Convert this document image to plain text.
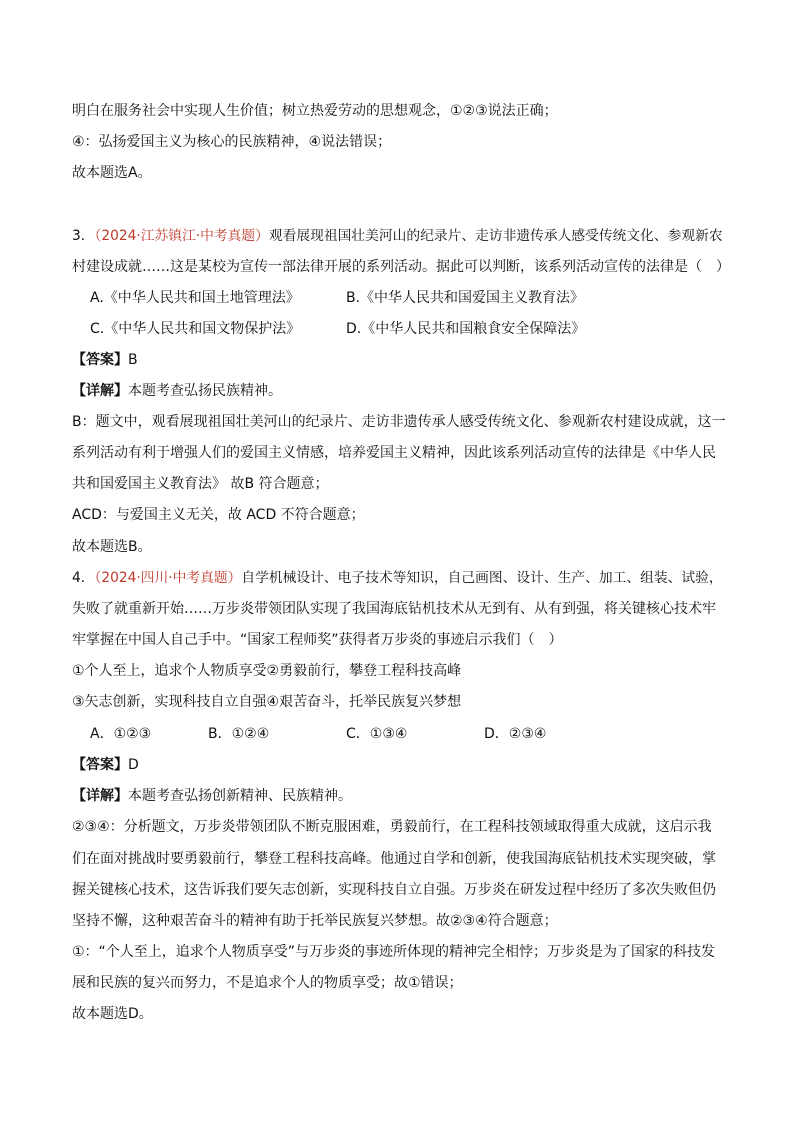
明白在服务社会中实现人生价值；树立热爱劳动的思想观念，①②③说法正确；
④：弘扬爱国主义为核心的民族精神，④说法错误；
故本题选A。
3．（2024·江苏镇江·中考真题）观看展现祖国壮美河山的纪录片、走访非遗传承人感受传统文化、参观新农
村建设成就……这是某校为宣传一部法律开展的系列活动。据此可以判断，该系列活动宣传的法律是（　）
A.《中华人民共和国土地管理法》	B.《中华人民共和国爱国主义教育法》
C.《中华人民共和国文物保护法》	D.《中华人民共和国粮食安全保障法》
【答案】B
【详解】本题考查弘扬民族精神。
B：题文中，观看展现祖国壮美河山的纪录片、走访非遗传承人感受传统文化、参观新农村建设成就，这一
系列活动有利于增强人们的爱国主义情感，培养爱国主义精神，因此该系列活动宣传的法律是《中华人民
共和国爱国主义教育法》 故B 符合题意；
ACD：与爱国主义无关，故 ACD 不符合题意；
故本题选B。
4．（2024·四川·中考真题）自学机械设计、电子技术等知识，自己画图、设计、生产、加工、组装、试验，
失败了就重新开始……万步炎带领团队实现了我国海底钻机技术从无到有、从有到强，将关键核心技术牢
牢掌握在中国人自己手中。“国家工程师奖”获得者万步炎的事迹启示我们（　）
①个人至上，追求个人物质享受②勇毅前行，攀登工程科技高峰
③矢志创新，实现科技自立自强④艰苦奋斗，托举民族复兴梦想
A．①②③	B．①②④	C．①③④	D．②③④
【答案】D
【详解】本题考查弘扬创新精神、民族精神。
②③④：分析题文，万步炎带领团队不断克服困难，勇毅前行，在工程科技领域取得重大成就，这启示我
们在面对挑战时要勇毅前行，攀登工程科技高峰。他通过自学和创新，使我国海底钻机技术实现突破，掌
握关键核心技术，这告诉我们要矢志创新，实现科技自立自强。万步炎在研发过程中经历了多次失败但仍
坚持不懈，这种艰苦奋斗的精神有助于托举民族复兴梦想。故②③④符合题意；
①：“个人至上，追求个人物质享受”与万步炎的事迹所体现的精神完全相悖；万步炎是为了国家的科技发
展和民族的复兴而努力，不是追求个人的物质享受；故①错误；
故本题选D。
